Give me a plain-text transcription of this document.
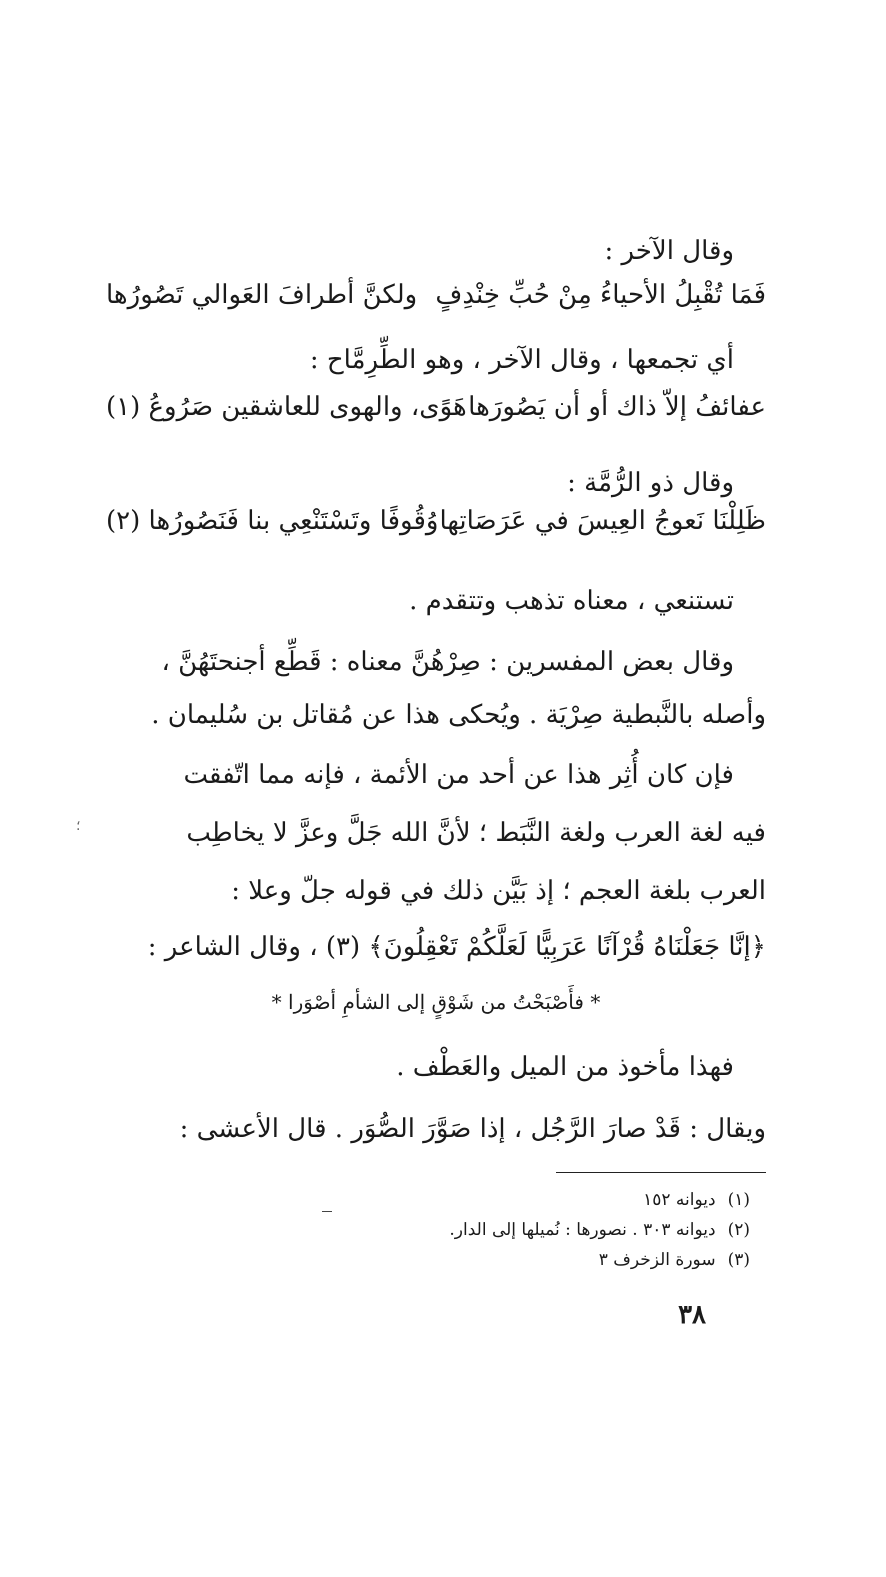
وقال الآخر :
فَمَا تُقْبِلُ الأحياءُ مِنْ حُبِّ خِنْدِفٍ
ولكنَّ أطرافَ العَوالي تَصُورُها
أي تجمعها ، وقال الآخر ، وهو الطِّرِمَّاح :
عفائفُ إلاّ ذاك أو أن يَصُورَها
هَوًى، والهوى للعاشقين صَرُوعُ (١)
وقال ذو الرُّمَّة :
ظَلِلْنَا نَعوجُ العِيسَ في عَرَصَاتِها
وُقُوفًا وتَسْتَنْعِي بنا فَنَصُورُها (٢)
تستنعي ، معناه تذهب وتتقدم .
وقال بعض المفسرين : صِرْهُنَّ معناه : قَطِّع أجنحتَهُنَّ ،
وأصله بالنَّبطية صِرْيَة . ويُحكى هذا عن مُقاتل بن سُليمان .
فإن كان أُثِر هذا عن أحد من الأئمة ، فإنه مما اتّفقت
فيه لغة العرب ولغة النَّبَط ؛ لأنَّ الله جَلَّ وعزَّ لا يخاطِب
العرب بلغة العجم ؛ إذ بَيَّن ذلك في قوله جلّ وعلا :
﴿إنَّا جَعَلْنَاهُ قُرْآنًا عَرَبِيًّا لَعَلَّكُمْ تَعْقِلُونَ﴾ (٣) ، وقال الشاعر :
* فأَصْبَحْتُ من شَوْقٍ إلى الشأمِ أصْوَرا *
فهذا مأخوذ من الميل والعَطْف .
ويقال : قَدْ صارَ الرَّجُل ، إذا صَوَّرَ الصُّوَر . قال الأعشى :
؛
(١)ديوانه ١٥٢
(٢)ديوانه ٣٠٣ . نصورها : نُميلها إلى الدار.
(٣)سورة الزخرف ٣
٣٨
